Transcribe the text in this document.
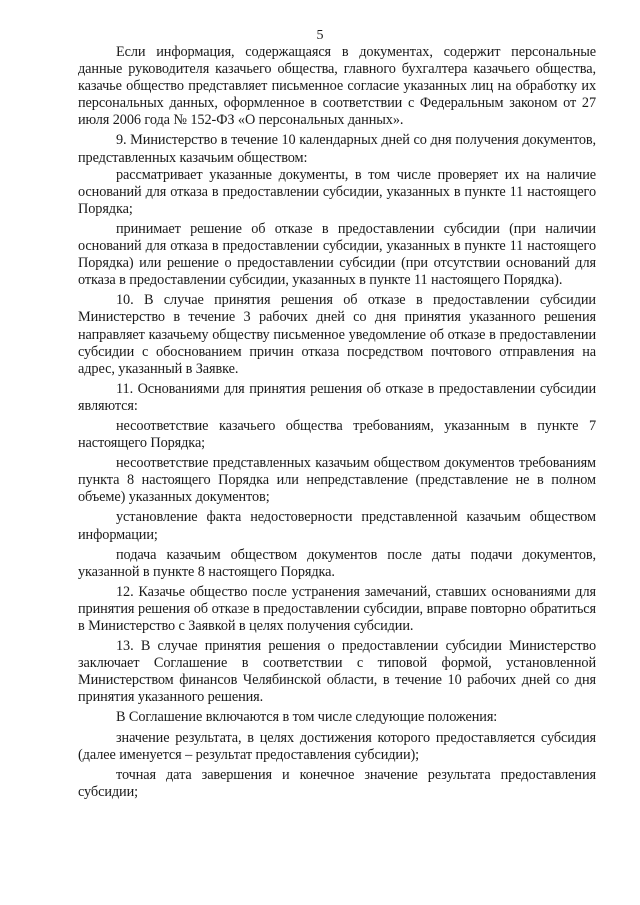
5

Если информация, содержащаяся в документах, содержит персональные данные руководителя казачьего общества, главного бухгалтера казачьего общества, казачье общество представляет письменное согласие указанных лиц на обработку их персональных данных, оформленное в соответствии с Федеральным законом от 27 июля 2006 года № 152-ФЗ «О персональных данных».

9. Министерство в течение 10 календарных дней со дня получения документов, представленных казачьим обществом:

рассматривает указанные документы, в том числе проверяет их на наличие оснований для отказа в предоставлении субсидии, указанных в пункте 11 настоящего Порядка;

принимает решение об отказе в предоставлении субсидии (при наличии оснований для отказа в предоставлении субсидии, указанных в пункте 11 настоящего Порядка) или решение о предоставлении субсидии (при отсутствии оснований для отказа в предоставлении субсидии, указанных в пункте 11 настоящего Порядка).

10. В случае принятия решения об отказе в предоставлении субсидии Министерство в течение 3 рабочих дней со дня принятия указанного решения направляет казачьему обществу письменное уведомление об отказе в предоставлении субсидии с обоснованием причин отказа посредством почтового отправления на адрес, указанный в Заявке.

11. Основаниями для принятия решения об отказе в предоставлении субсидии являются:

несоответствие казачьего общества требованиям, указанным в пункте 7 настоящего Порядка;

несоответствие представленных казачьим обществом документов требованиям пункта 8 настоящего Порядка или непредставление (представление не в полном объеме) указанных документов;

установление факта недостоверности представленной казачьим обществом информации;

подача казачьим обществом документов после даты подачи документов, указанной в пункте 8 настоящего Порядка.

12. Казачье общество после устранения замечаний, ставших основаниями для принятия решения об отказе в предоставлении субсидии, вправе повторно обратиться в Министерство с Заявкой в целях получения субсидии.

13. В случае принятия решения о предоставлении субсидии Министерство заключает Соглашение в соответствии с типовой формой, установленной Министерством финансов Челябинской области, в течение 10 рабочих дней со дня принятия указанного решения.

В Соглашение включаются в том числе следующие положения:

значение результата, в целях достижения которого предоставляется субсидия (далее именуется – результат предоставления субсидии);

точная дата завершения и конечное значение результата предоставления субсидии;
